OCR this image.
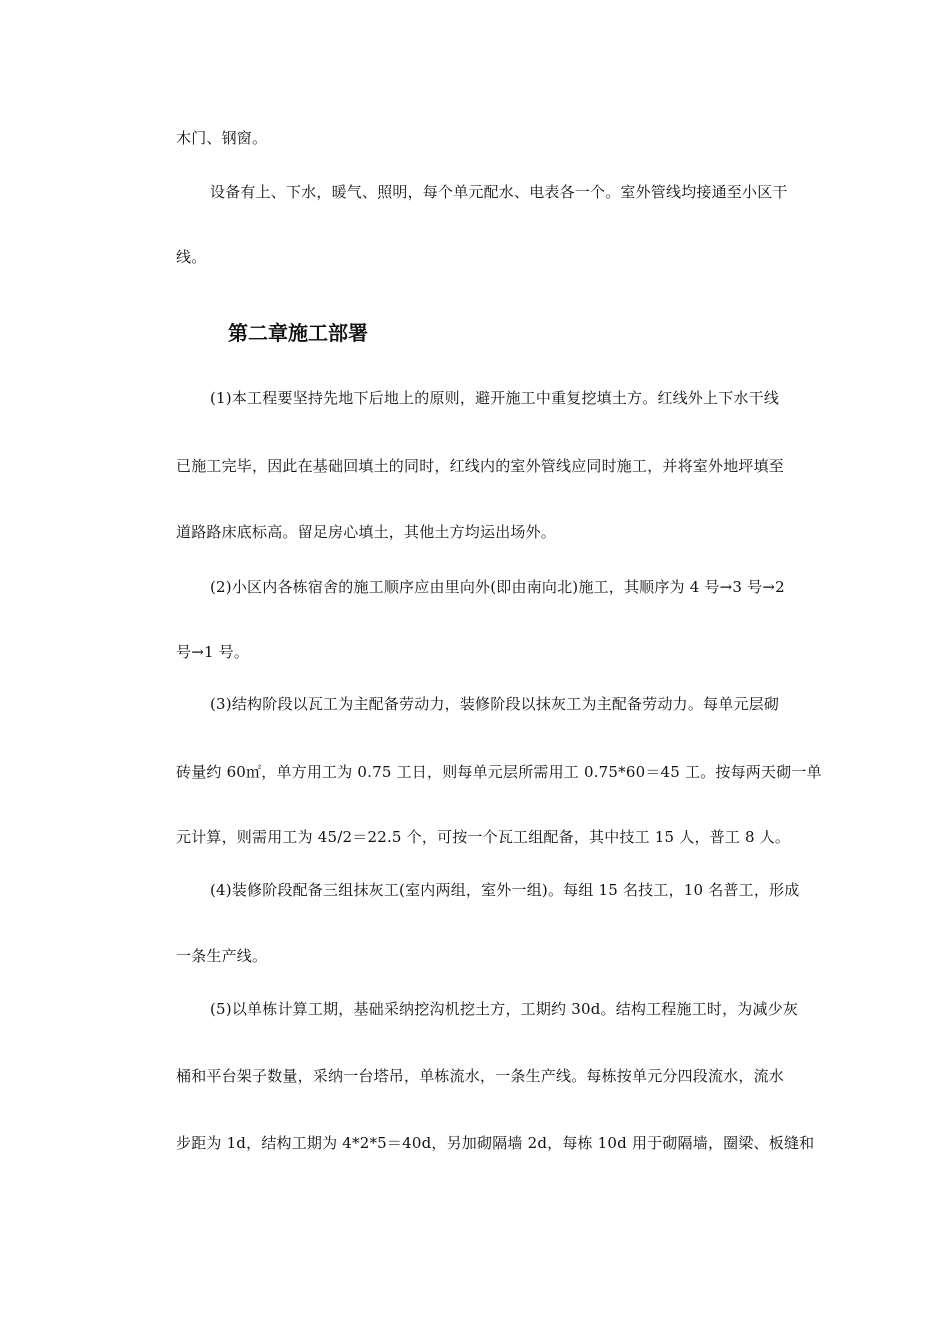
木门、钢窗。
设备有上、下水，暖气、照明，每个单元配水、电表各一个。室外管线均接通至小区干
线。
第二章施工部署
(1)本工程要坚持先地下后地上的原则，避开施工中重复挖填土方。红线外上下水干线
已施工完毕，因此在基础回填土的同时，红线内的室外管线应同时施工，并将室外地坪填至
道路路床底标高。留足房心填土，其他土方均运出场外。
(2)小区内各栋宿舍的施工顺序应由里向外(即由南向北)施工，其顺序为 4 号→3 号→2
号→1 号。
(3)结构阶段以瓦工为主配备劳动力，装修阶段以抹灰工为主配备劳动力。每单元层砌
砖量约 60㎡，单方用工为 0.75 工日，则每单元层所需用工 0.75*60＝45 工。按每两天砌一单
元计算，则需用工为 45/2＝22.5 个，可按一个瓦工组配备，其中技工 15 人，普工 8 人。
(4)装修阶段配备三组抹灰工(室内两组，室外一组)。每组 15 名技工，10 名普工，形成
一条生产线。
(5)以单栋计算工期，基础采纳挖沟机挖土方，工期约 30d。结构工程施工时，为减少灰
桶和平台架子数量，采纳一台塔吊，单栋流水，一条生产线。每栋按单元分四段流水，流水
步距为 1d，结构工期为 4*2*5＝40d，另加砌隔墙 2d，每栋 10d 用于砌隔墙，圈梁、板缝和
